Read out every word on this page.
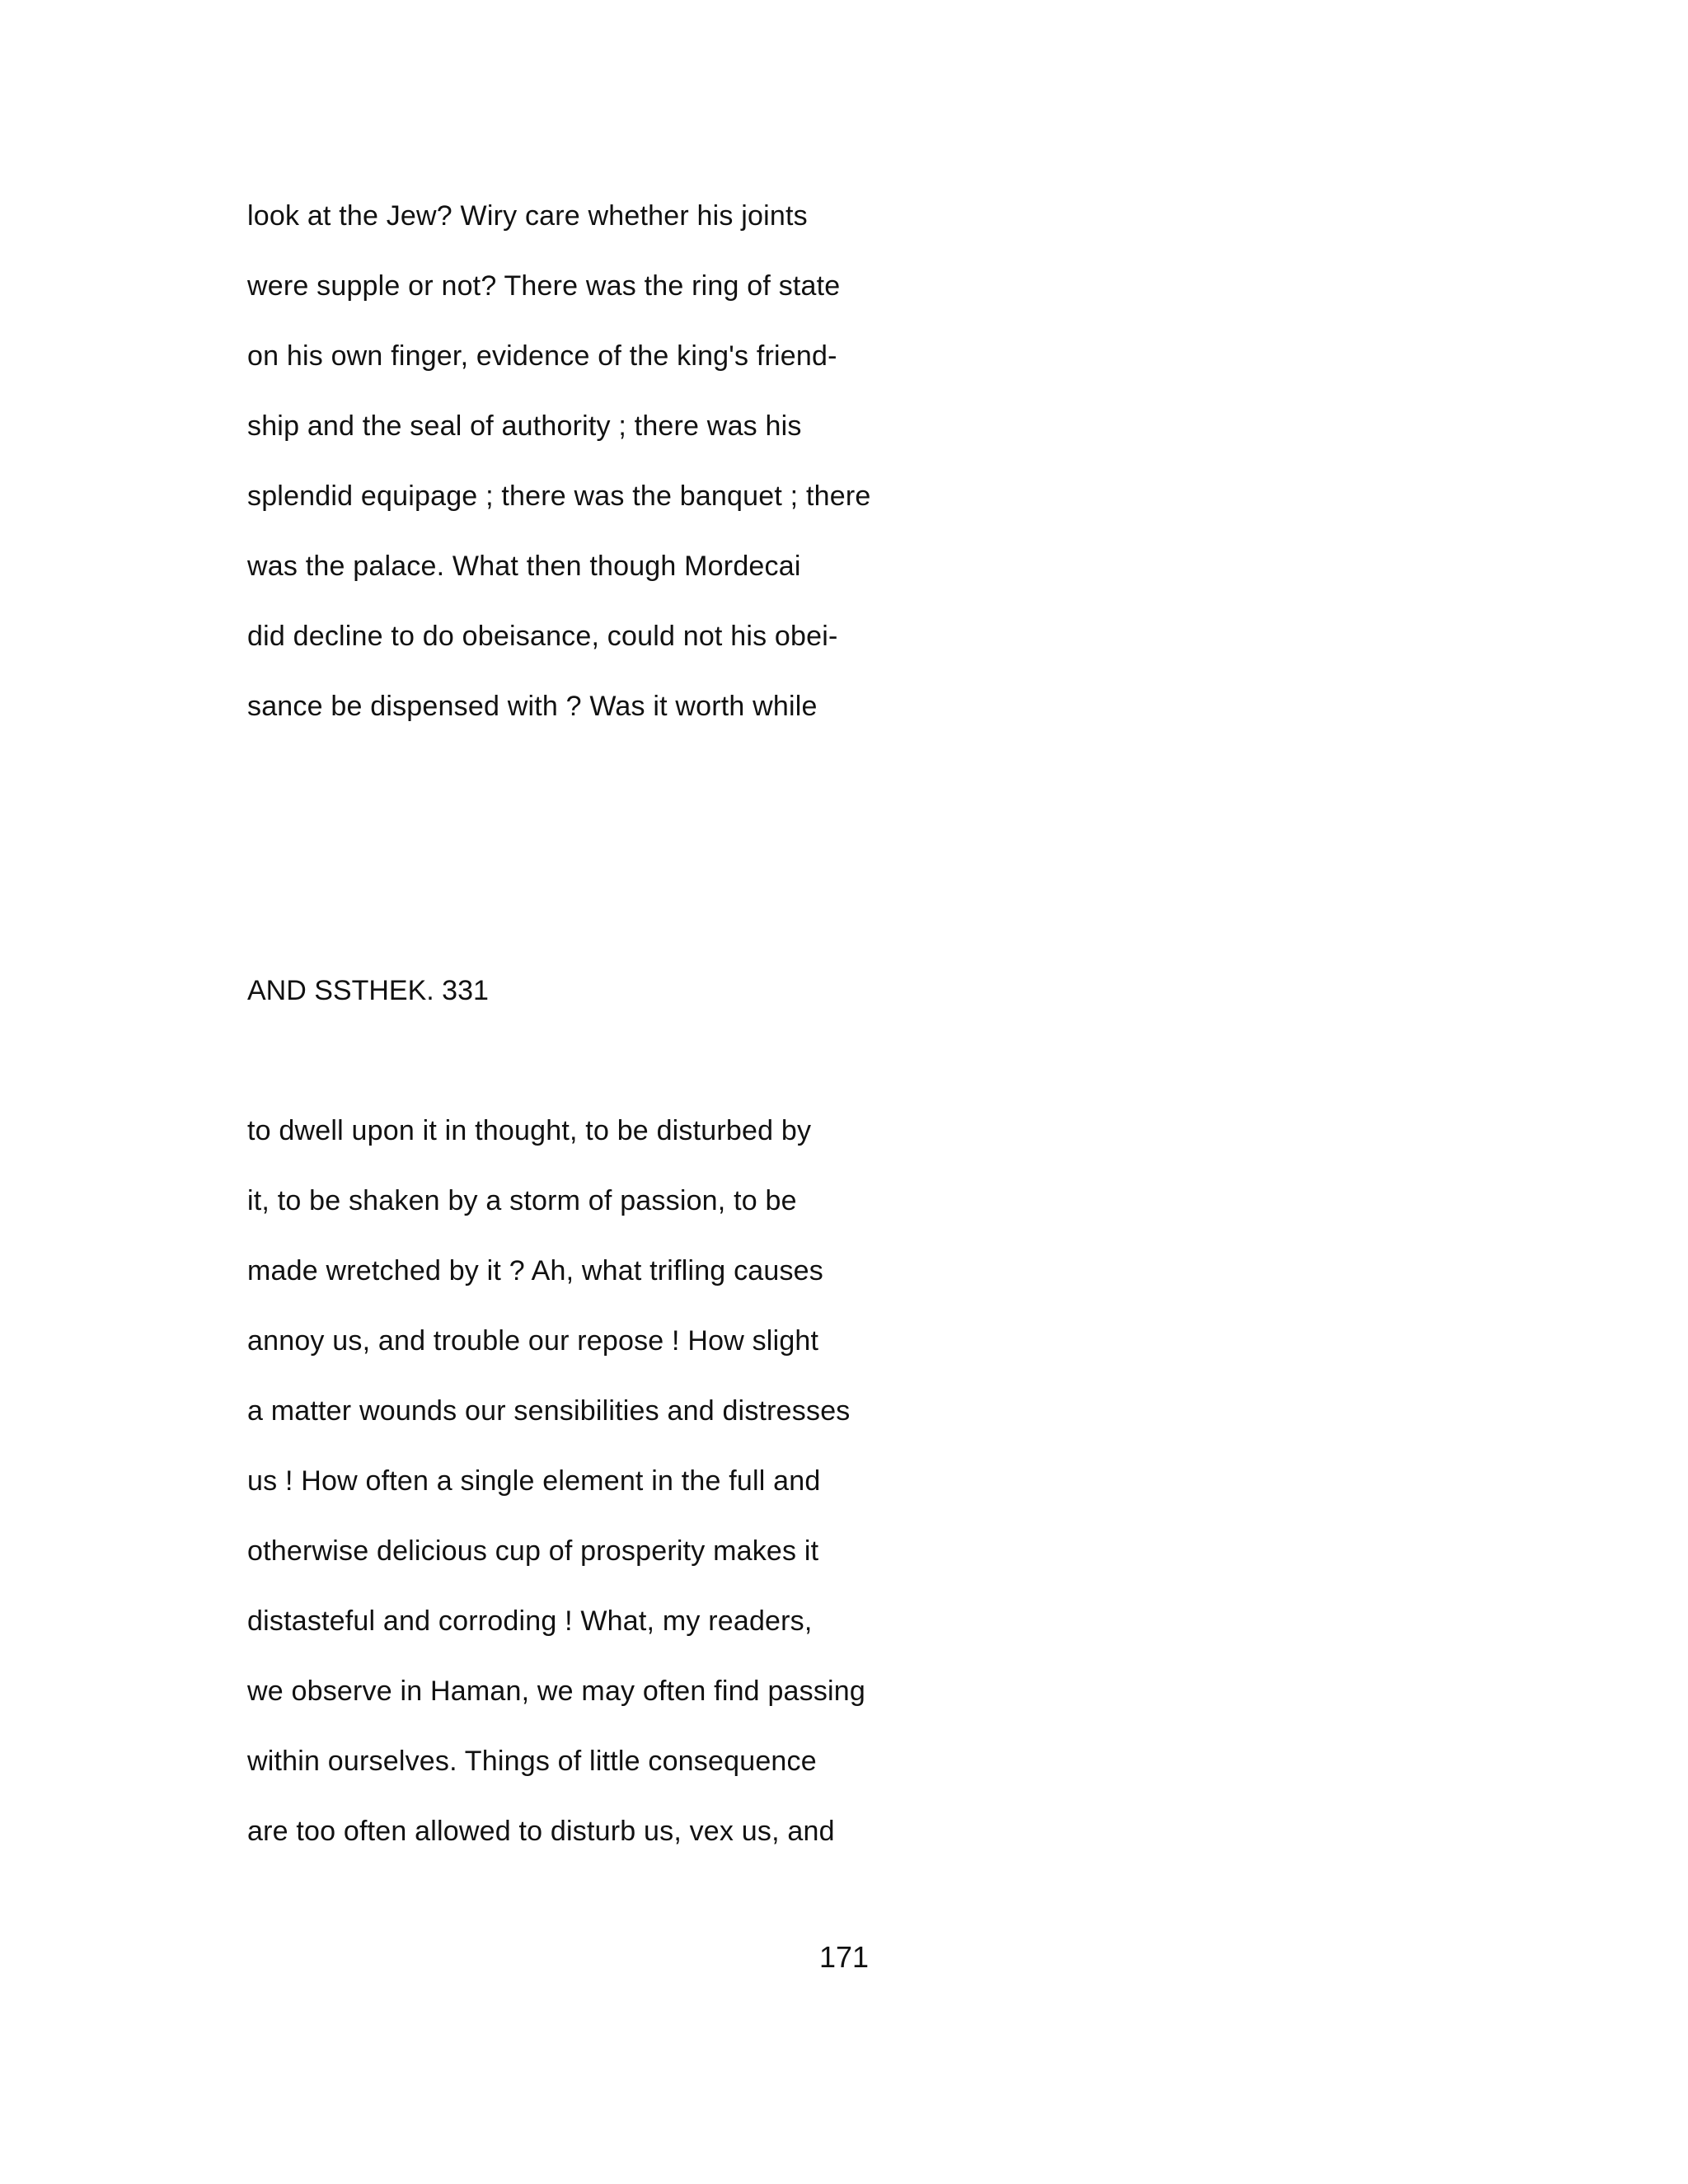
look at the Jew? Wiry care whether his joints
were supple or not? There was the ring of state
on his own finger, evidence of the king's friend-
ship and the seal of authority ; there was his
splendid equipage ; there was the banquet ; there
was the palace. What then though Mordecai
did decline to do obeisance, could not his obei-
sance be dispensed with ? Was it worth while
AND SSTHEK. 331
to dwell upon it in thought, to be disturbed by
it, to be shaken by a storm of passion, to be
made wretched by it ? Ah, what trifling causes
annoy us, and trouble our repose ! How slight
a matter wounds our sensibilities and distresses
us ! How often a single element in the full and
otherwise delicious cup of prosperity makes it
distasteful and corroding ! What, my readers,
we observe in Haman, we may often find passing
within ourselves. Things of little consequence
are too often allowed to disturb us, vex us, and
171
